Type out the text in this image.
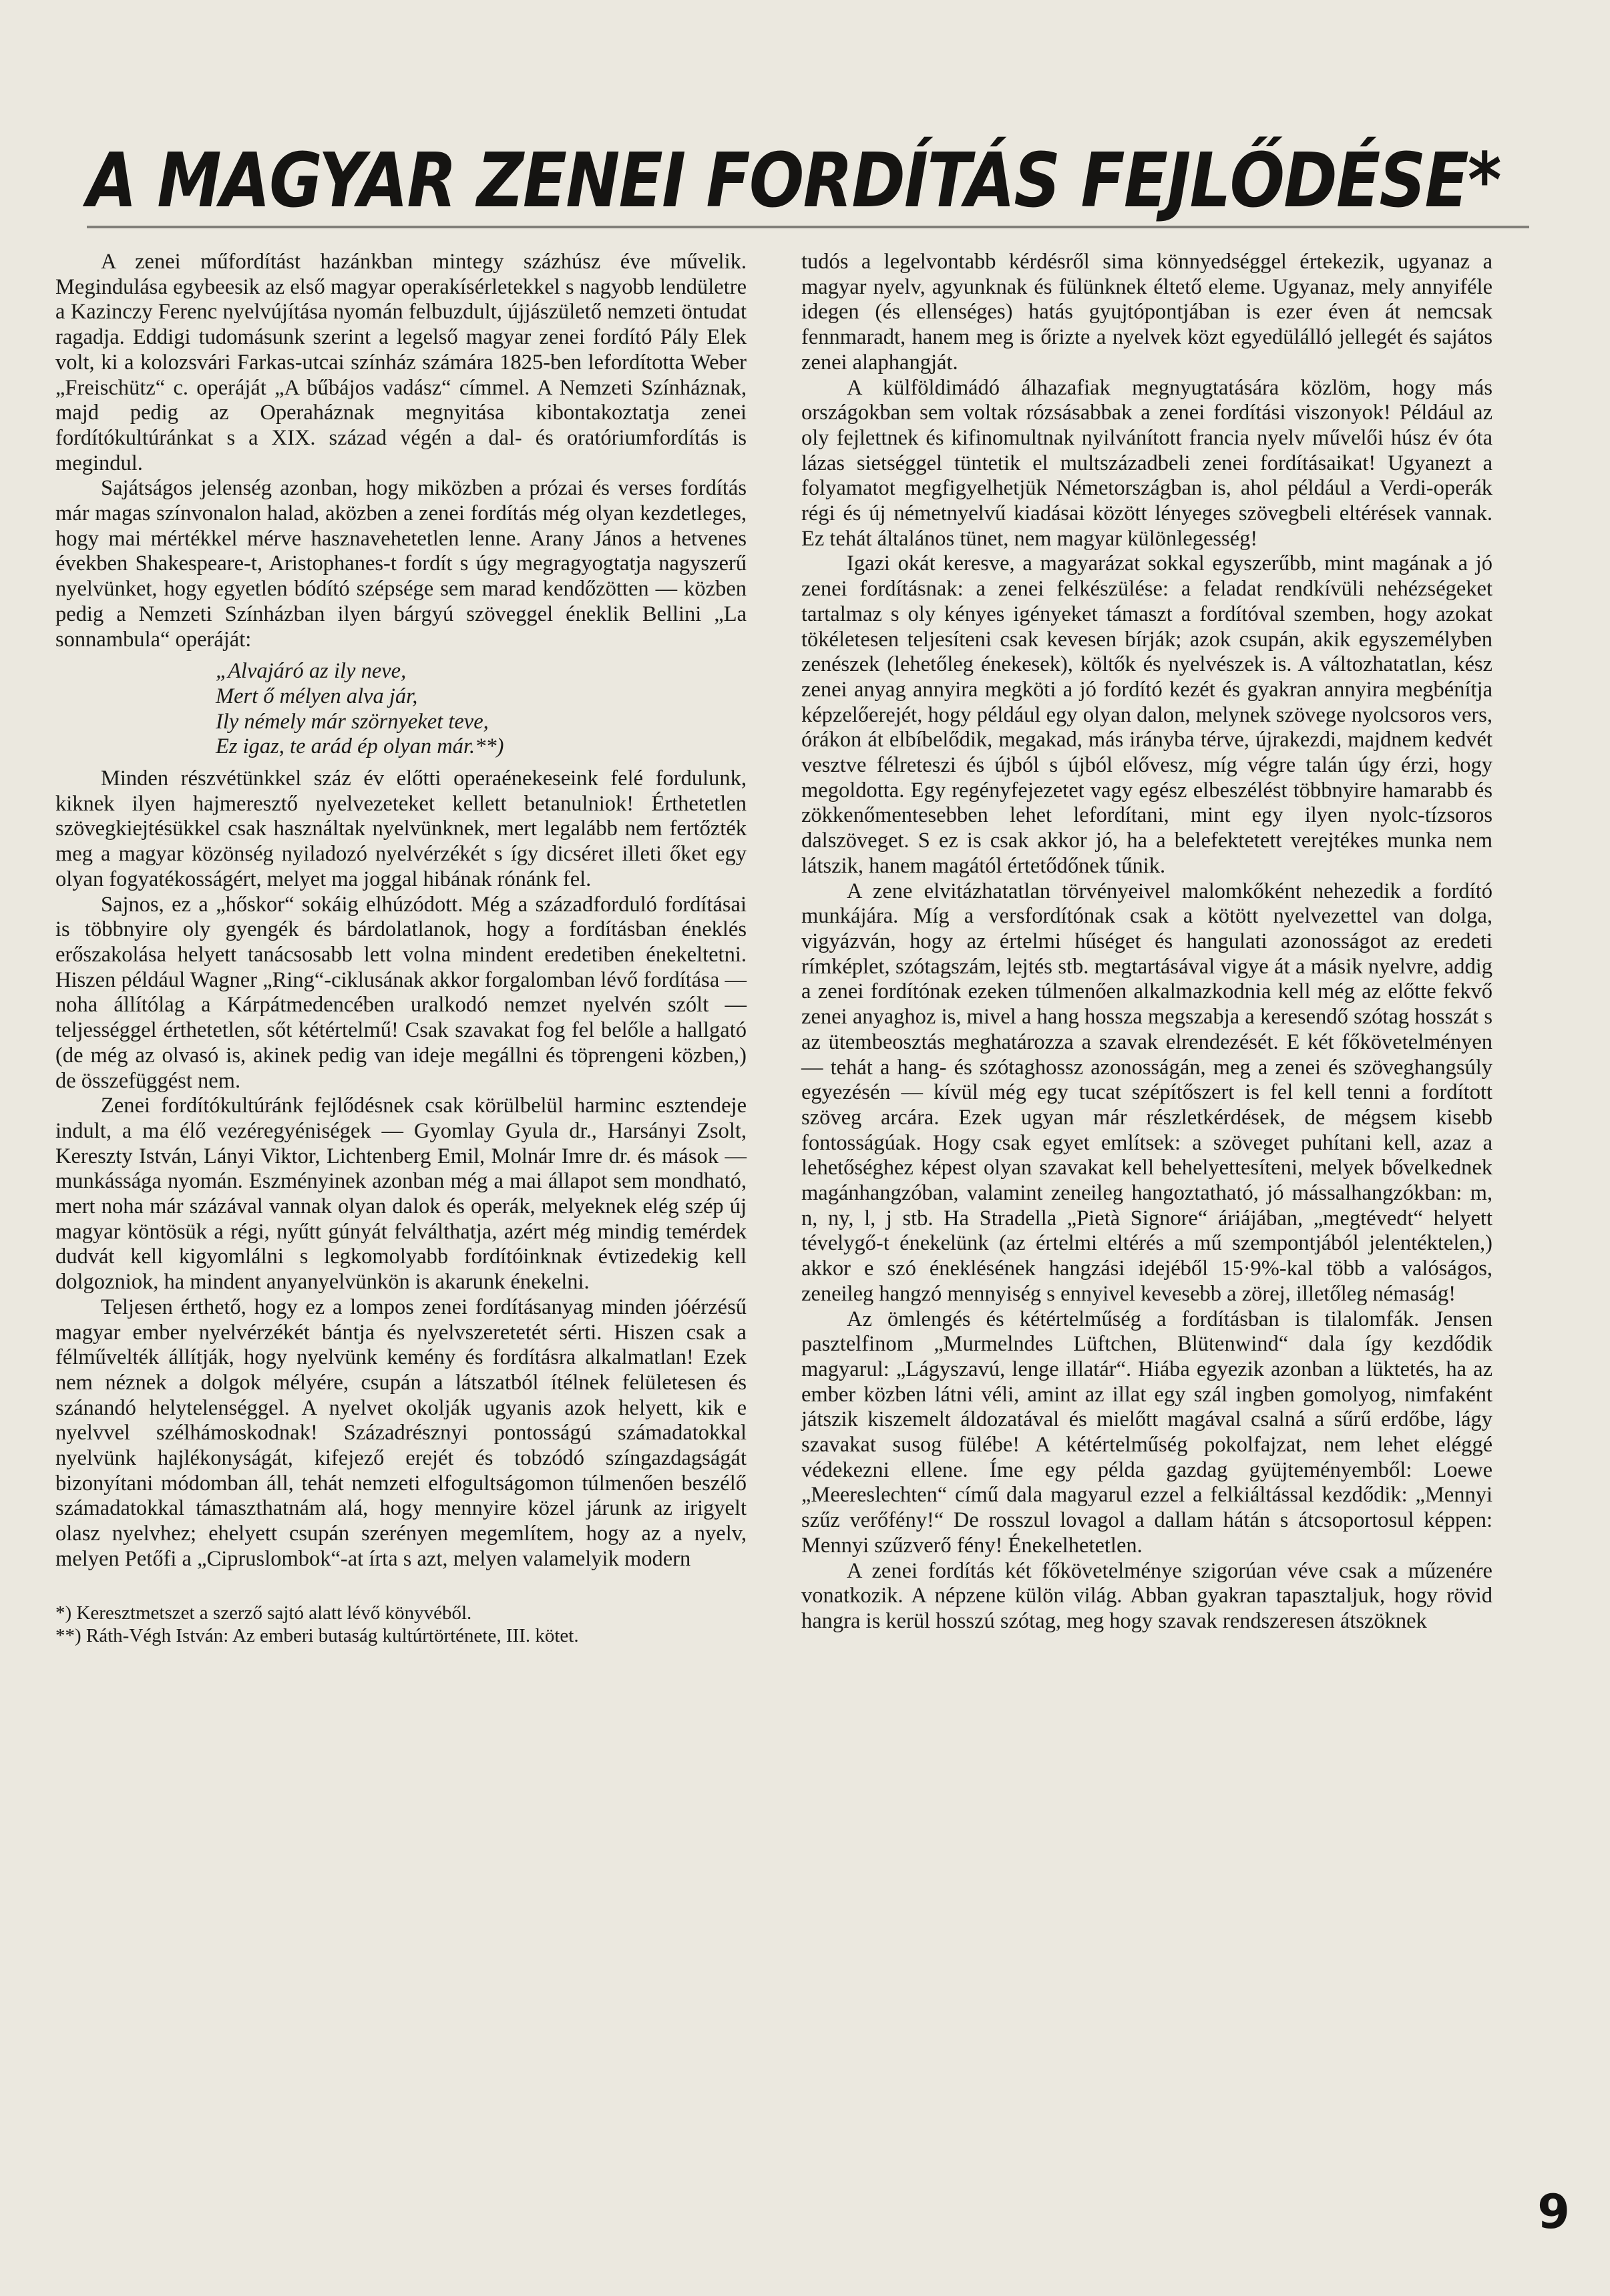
A MAGYAR ZENEI FORDÍTÁS FEJLŐDÉSE*

A zenei műfordítást hazánkban mintegy százhúsz éve művelik. Megindulása egybeesik az első magyar operakísérletekkel s nagyobb lendületre a Kazinczy Ferenc nyelvújítása nyomán felbuzdult, újjászülető nemzeti öntudat ragadja. Eddigi tudomásunk szerint a legelső magyar zenei fordító Pály Elek volt, ki a kolozsvári Farkas-utcai színház számára 1825-ben lefordította Weber „Freischütz“ c. operáját „A bűbájos vadász“ címmel. A Nemzeti Színháznak, majd pedig az Operaháznak megnyitása kibontakoztatja zenei fordítókultúránkat s a XIX. század végén a dal- és oratóriumfordítás is megindul.

Sajátságos jelenség azonban, hogy miközben a prózai és verses fordítás már magas színvonalon halad, aközben a zenei fordítás még olyan kezdetleges, hogy mai mértékkel mérve hasznavehetetlen lenne. Arany János a hetvenes években Shakespeare-t, Aristophanes-t fordít s úgy megragyogtatja nagyszerű nyelvünket, hogy egyetlen bódító szépsége sem marad kendőzötten — közben pedig a Nemzeti Színházban ilyen bárgyú szöveggel éneklik Bellini „La sonnambula“ operáját:

„Alvajáró az ily neve,
Mert ő mélyen alva jár,
Ily némely már szörnyeket teve,
Ez igaz, te arád ép olyan már.**)

Minden részvétünkkel száz év előtti operaénekeseink felé fordulunk, kiknek ilyen hajmeresztő nyelvezeteket kellett betanulniok! Érthetetlen szövegkiejtésükkel csak használtak nyelvünknek, mert legalább nem fertőzték meg a magyar közönség nyiladozó nyelvérzékét s így dicséret illeti őket egy olyan fogyatékosságért, melyet ma joggal hibának rónánk fel.

Sajnos, ez a „hőskor“ sokáig elhúzódott. Még a századforduló fordításai is többnyire oly gyengék és bárdolatlanok, hogy a fordításban éneklés erőszakolása helyett tanácsosabb lett volna mindent eredetiben énekeltetni. Hiszen például Wagner „Ring“-ciklusának akkor forgalomban lévő fordítása — noha állítólag a Kárpátmedencében uralkodó nemzet nyelvén szólt — teljességgel érthetetlen, sőt kétértelmű! Csak szavakat fog fel belőle a hallgató (de még az olvasó is, akinek pedig van ideje megállni és töprengeni közben,) de összefüggést nem.

Zenei fordítókultúránk fejlődésnek csak körülbelül harminc esztendeje indult, a ma élő vezéregyéniségek — Gyomlay Gyula dr., Harsányi Zsolt, Kereszty István, Lányi Viktor, Lichtenberg Emil, Molnár Imre dr. és mások — munkássága nyomán. Eszményinek azonban még a mai állapot sem mondható, mert noha már százával vannak olyan dalok és operák, melyeknek elég szép új magyar köntösük a régi, nyűtt gúnyát felválthatja, azért még mindig temérdek dudvát kell kigyomlálni s legkomolyabb fordítóinknak évtizedekig kell dolgozniok, ha mindent anyanyelvünkön is akarunk énekelni.

Teljesen érthető, hogy ez a lompos zenei fordításanyag minden jóérzésű magyar ember nyelvérzékét bántja és nyelvszeretetét sérti. Hiszen csak a félművelték állítják, hogy nyelvünk kemény és fordításra alkalmatlan! Ezek nem néznek a dolgok mélyére, csupán a látszatból ítélnek felületesen és szánandó helytelenséggel. A nyelvet okolják ugyanis azok helyett, kik e nyelvvel szélhámoskodnak! Századrésznyi pontosságú számadatokkal nyelvünk hajlékonyságát, kifejező erejét és tobzódó színgazdagságát bizonyítani módomban áll, tehát nemzeti elfogultságomon túlmenően beszélő számadatokkal támaszthatnám alá, hogy mennyire közel járunk az irigyelt olasz nyelvhez; ehelyett csupán szerényen megemlítem, hogy az a nyelv, melyen Petőfi a „Cipruslombok“-at írta s azt, melyen valamelyik modern

*) Keresztmetszet a szerző sajtó alatt lévő könyvéből.
**) Ráth-Végh István: Az emberi butaság kultúrtörténete, III. kötet.

tudós a legelvontabb kérdésről sima könnyedséggel értekezik, ugyanaz a magyar nyelv, agyunknak és fülünknek éltető eleme. Ugyanaz, mely annyiféle idegen (és ellenséges) hatás gyujtópontjában is ezer éven át nemcsak fennmaradt, hanem meg is őrizte a nyelvek közt egyedülálló jellegét és sajátos zenei alaphangját.

A külföldimádó álhazafiak megnyugtatására közlöm, hogy más országokban sem voltak rózsásabbak a zenei fordítási viszonyok! Például az oly fejlettnek és kifinomultnak nyilvánított francia nyelv művelői húsz év óta lázas sietséggel tüntetik el multszázadbeli zenei fordításaikat! Ugyanezt a folyamatot megfigyelhetjük Németországban is, ahol például a Verdi-operák régi és új németnyelvű kiadásai között lényeges szövegbeli eltérések vannak. Ez tehát általános tünet, nem magyar különlegesség!

Igazi okát keresve, a magyarázat sokkal egyszerűbb, mint magának a jó zenei fordításnak: a zenei felkészülése: a feladat rendkívüli nehézségeket tartalmaz s oly kényes igényeket támaszt a fordítóval szemben, hogy azokat tökéletesen teljesíteni csak kevesen bírják; azok csupán, akik egyszemélyben zenészek (lehetőleg énekesek), költők és nyelvészek is. A változhatatlan, kész zenei anyag annyira megköti a jó fordító kezét és gyakran annyira megbénítja képzelőerejét, hogy például egy olyan dalon, melynek szövege nyolcsoros vers, órákon át elbíbelődik, megakad, más irányba térve, újrakezdi, majdnem kedvét vesztve félreteszi és újból s újból elővesz, míg végre talán úgy érzi, hogy megoldotta. Egy regényfejezetet vagy egész elbeszélést többnyire hamarabb és zökkenőmentesebben lehet lefordítani, mint egy ilyen nyolc-tízsoros dalszöveget. S ez is csak akkor jó, ha a belefektetett verejtékes munka nem látszik, hanem magától értetődőnek tűnik.

A zene elvitázhatatlan törvényeivel malomkőként nehezedik a fordító munkájára. Míg a versfordítónak csak a kötött nyelvezettel van dolga, vigyázván, hogy az értelmi hűséget és hangulati azonosságot az eredeti rímképlet, szótagszám, lejtés stb. megtartásával vigye át a másik nyelvre, addig a zenei fordítónak ezeken túlmenően alkalmazkodnia kell még az előtte fekvő zenei anyaghoz is, mivel a hang hossza megszabja a keresendő szótag hosszát s az ütembeosztás meghatározza a szavak elrendezését. E két főkövetelményen — tehát a hang- és szótaghossz azonosságán, meg a zenei és szöveghangsúly egyezésén — kívül még egy tucat szépítőszert is fel kell tenni a fordított szöveg arcára. Ezek ugyan már részletkérdések, de mégsem kisebb fontosságúak. Hogy csak egyet említsek: a szöveget puhítani kell, azaz a lehetőséghez képest olyan szavakat kell behelyettesíteni, melyek bővelkednek magánhangzóban, valamint zeneileg hangoztatható, jó mássalhangzókban: m, n, ny, l, j stb. Ha Stradella „Pietà Signore“ áriájában, „megtévedt“ helyett tévelygő-t énekelünk (az értelmi eltérés a mű szempontjából jelentéktelen,) akkor e szó éneklésének hangzási idejéből 15·9%-kal több a valóságos, zeneileg hangzó mennyiség s ennyivel kevesebb a zörej, illetőleg némaság!

Az ömlengés és kétértelműség a fordításban is tilalomfák. Jensen pasztelfinom „Murmelndes Lüftchen, Blütenwind“ dala így kezdődik magyarul: „Lágyszavú, lenge illatár“. Hiába egyezik azonban a lüktetés, ha az ember közben látni véli, amint az illat egy szál ingben gomolyog, nimfaként játszik kiszemelt áldozatával és mielőtt magával csalná a sűrű erdőbe, lágy szavakat susog fülébe! A kétértelműség pokolfajzat, nem lehet eléggé védekezni ellene. Íme egy példa gazdag gyüjteményemből: Loewe „Meereslechten“ című dala magyarul ezzel a felkiáltással kezdődik: „Mennyi szűz verőfény!“ De rosszul lovagol a dallam hátán s átcsoportosul képpen: Mennyi szűzverő fény! Énekelhetetlen.

A zenei fordítás két főkövetelménye szigorúan véve csak a műzenére vonatkozik. A népzene külön világ. Abban gyakran tapasztaljuk, hogy rövid hangra is kerül hosszú szótag, meg hogy szavak rendszeresen átszöknek

9
